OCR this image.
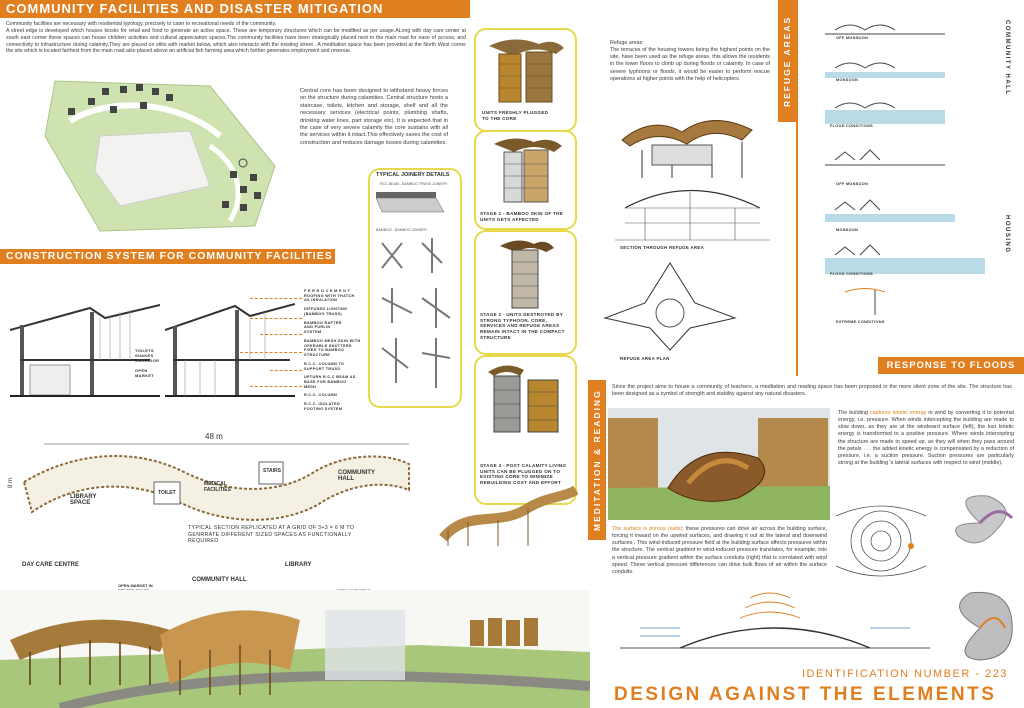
COMMUNITY FACILITIES AND DISASTER MITIGATION
Community facilities are necessary with residential typology, precisely to cater to recreational needs of the community.
A street edge is developed which houses kiosks for retail and food to generate an active space. These are temporary structures which can be modified as per usage.ALong with day care center at south east corner these spaces can house children activities and cultural appreciation spaces.The community facilities have been strategically placed next to the main road for ease of access, and connectivity to infrastructure during calamity.They are placed on stilts with market below, which also interacts with the existing street . A meditation space has been provided at the North West corner the site which is located farthest from the main road.also placed above an artificial fish farming area which further generates employment and revenue.
Central core has been designed to withstand heavy forces on the structure during calamities. Central structure hosts a staircase, toilets, kitchen and storage, shelf and all the necessary services (electrical points, plumbing shafts, drinking water lines, part storage etc). It is expected that in the case of very severe calamity the core sustains with all the services within it intact.This effectively saves the cost of construction and reduces damage losses during calamities.
UNITS FRESHLY PLUGGED
TO THE CORE
STAGE 1 - BAMBOO SKIN OF THE
UNITS GETS AFFECTED
STAGE 2 - UNITS DESTROYED BY
STRONG TYPHOON. CORE,
SERVICES AND REFUGE AREAS
REMAIN INTACT IN THE COMPACT
STRUCTURE
STAGE 3 - POST CALAMITY LIVING
UNITS CAN BE PLUGGED ON TO
EXISTING CORE TO MINIMIZE
REBUILDING COST AND EFFORT
TYPICAL JOINERY DETAILS
RCC BEAM - BAMBOO TRUSS JOINERY
BAMBOO - BAMBOO JOINERY
CONSTRUCTION SYSTEM FOR COMMUNITY FACILITIES
TOILETS
SHAKES
CORRIDOR
OPEN
MARKET
F E R R O C E M E N T
ROOFING WITH THATCH
AS INSULATION
DIFFUSED LIGHTING
(BAMBOO TRUSS)
BAMBOO RAFTER
AND PURLIN
SYSTEM
BAMBOO MESH SKIN WITH
OPERABLE SHUTTERS
FIXED TO BAMBOO
STRUCTURE
R.C.C. COLUMN TO
SUPPORT TRUSS
UPTURN R.C.C BEAM AS
BASE FOR BAMBOO
MESH
R.C.C. COLUMN
R.C.C. ISOLATED
FOOTING SYSTEM
48 m
8 m
LIBRARY
SPACE
TOILET
MEDICAL
FACILITIES
STAIRS	COMMUNITY
HALL
TYPICAL SECTION REPLICATED AT A GRID OF 3+3 = 6 M TO
GENRRATE DIFFERENT SIZED SPACES AS FUNCTIONALLY
REQUIRED
DAY CARE CENTRE
COMMUNITY HALL
LIBRARY
OPEN MARKET IN

Refuge areas:
The terraces of the housing towers being the highest points on the site, have been used as the refuge areas. this allows the residents in the lower floors to climb up during floods or calamity. In case of severe typhoons or floods, it would be easier to perform rescue operations at higher points with the help of helicopters.	REFUGE AREAS
SECTION THROUGH REFUGE AREA
REFUGE AREA PLAN
COMMUNITY HALL
HOUSING
OFF MONSOON
MONSOON
FLOOD CONDITIONS
OFF MONSOON
MONSOON
FLOOD CONDITIONS
EXTREME CONDITIONS
RESPONSE TO FLOODS
MEDITATION & READING
Since the project aims to house a community of teachers, a meditation and reading space has been proposed in the more silent zone of the site. The structure has been designed as a symbol of strength and stability against any natural disasters.
The building captures kinetic energy in wind by converting it to potential energy, i.e. pressure. When winds intercepting the building are made to slow down, as they are at the windward surface (left), the lost kinetic energy is transformed to a positive pressure. Where winds intercepting the structure are made to speed up, as they will when they pass around the petals . . . the added kinetic energy is compensated by a reduction of pressure, i.e. a suction pressure. Suction pressures are particularly strong at the building 's lateral surfaces with respect to wind (middle).
The surface is porous (sails): these pressures can drive air across the building surface, forcing it inward on the upwind surfaces, and drawing it out at the lateral and downwind surfaces . This wind-induced pressure field at the building surface affects pressures within the structure. The vertical gradient in wind-induced pressure translates, for example, into a vertical pressure gradient within the surface conduits (right) that is correlated with wind speed. These vertical pressure differences can drive bulk flows of air within the surface conduits.
IDENTIFICATION NUMBER - 223
DESIGN AGAINST THE ELEMENTS
